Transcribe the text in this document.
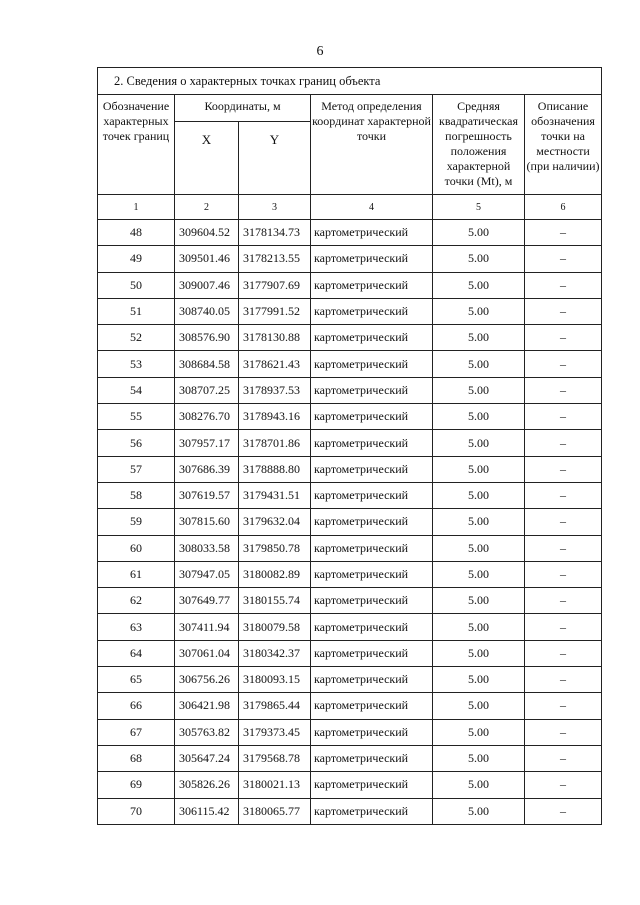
6
2. Сведения о характерных точках границ объекта					
Обозначение характерных точек границ	Координаты, м		Метод определения координат характерной точки	Средняя квадратическая погрешность положения характерной точки (Mt), м	Описание обозначения точки на местности (при наличии)
	X	Y			
1	2	3	4	5	6
48	309604.52	3178134.73	картометрический	5.00	–
49	309501.46	3178213.55	картометрический	5.00	–
50	309007.46	3177907.69	картометрический	5.00	–
51	308740.05	3177991.52	картометрический	5.00	–
52	308576.90	3178130.88	картометрический	5.00	–
53	308684.58	3178621.43	картометрический	5.00	–
54	308707.25	3178937.53	картометрический	5.00	–
55	308276.70	3178943.16	картометрический	5.00	–
56	307957.17	3178701.86	картометрический	5.00	–
57	307686.39	3178888.80	картометрический	5.00	–
58	307619.57	3179431.51	картометрический	5.00	–
59	307815.60	3179632.04	картометрический	5.00	–
60	308033.58	3179850.78	картометрический	5.00	–
61	307947.05	3180082.89	картометрический	5.00	–
62	307649.77	3180155.74	картометрический	5.00	–
63	307411.94	3180079.58	картометрический	5.00	–
64	307061.04	3180342.37	картометрический	5.00	–
65	306756.26	3180093.15	картометрический	5.00	–
66	306421.98	3179865.44	картометрический	5.00	–
67	305763.82	3179373.45	картометрический	5.00	–
68	305647.24	3179568.78	картометрический	5.00	–
69	305826.26	3180021.13	картометрический	5.00	–
70	306115.42	3180065.77	картометрический	5.00	–
